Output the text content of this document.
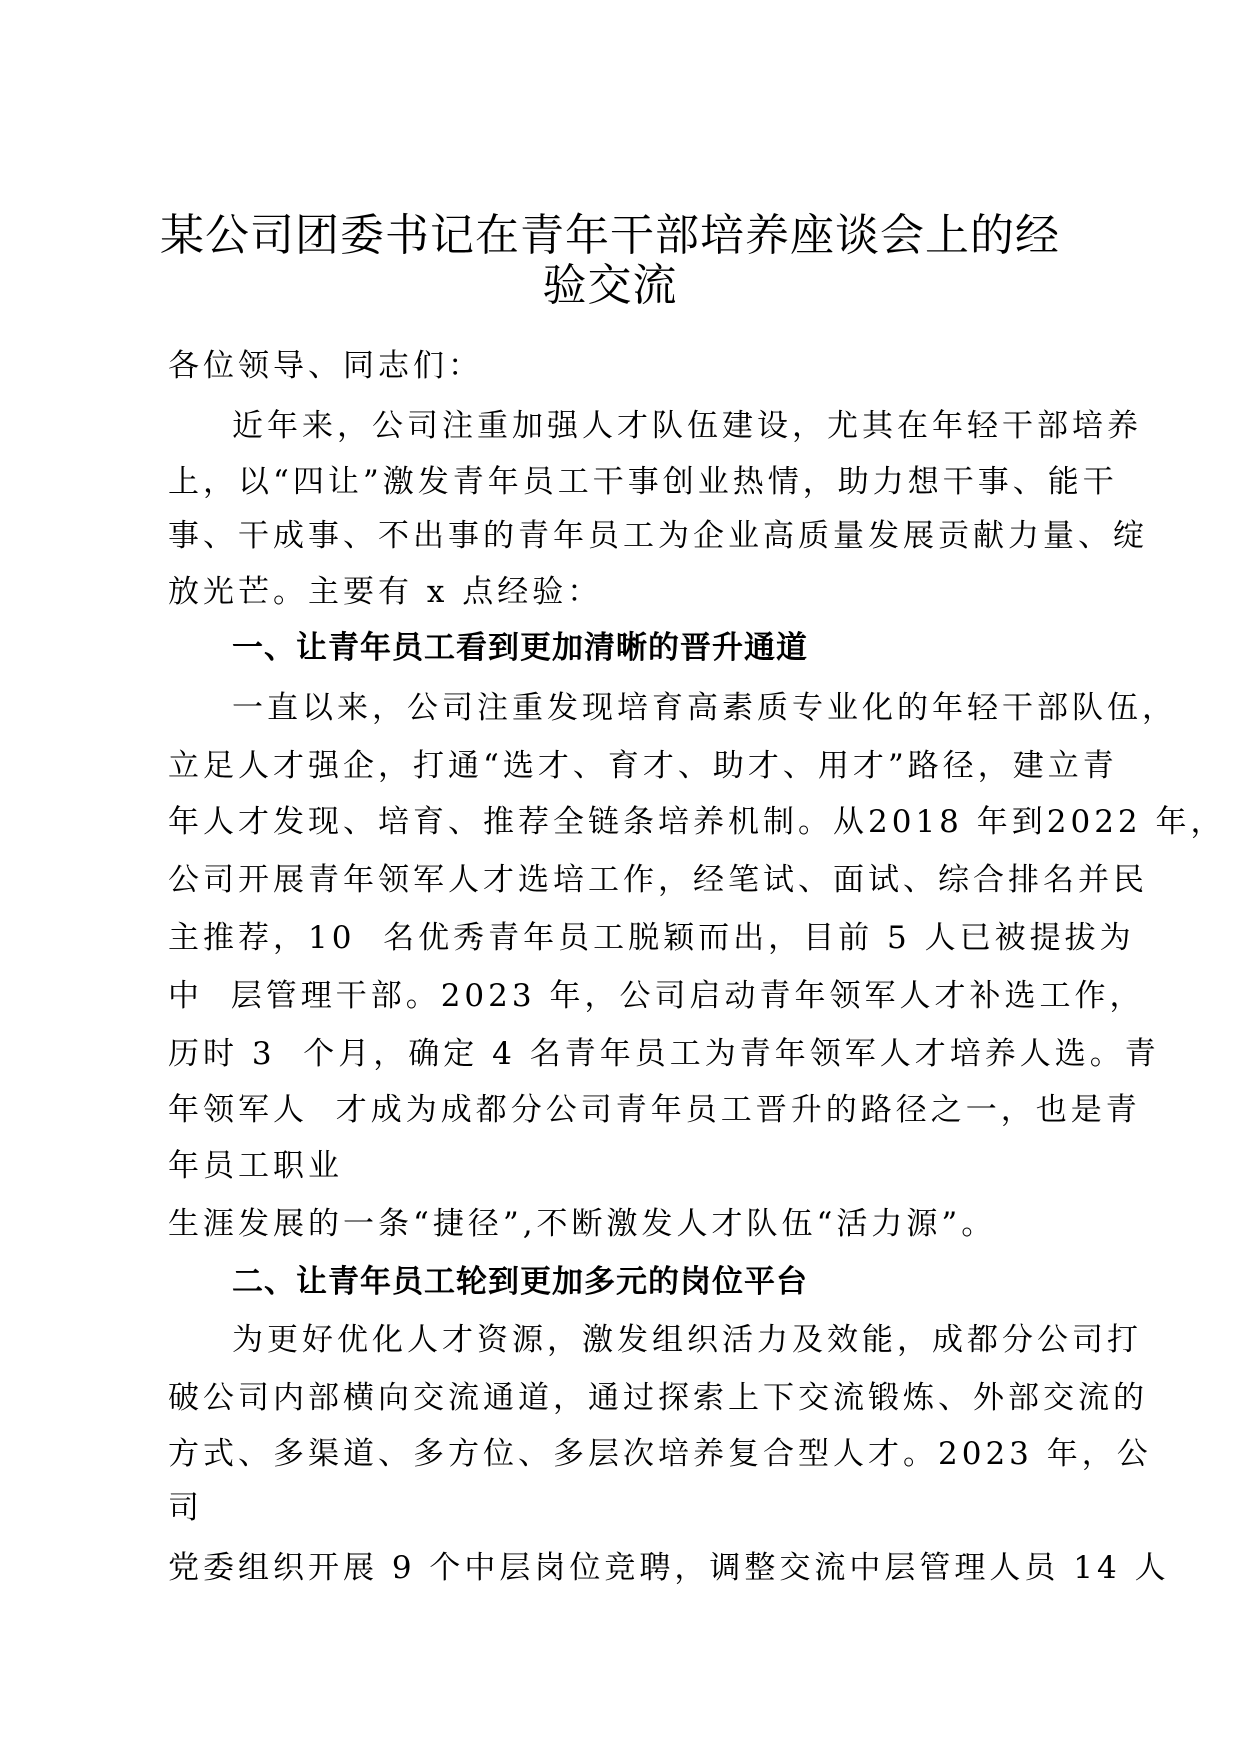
某公司团委书记在青年干部培养座谈会上的经
验交流
各位领导、同志们：
近年来，公司注重加强人才队伍建设，尤其在年轻干部培养
上，以“四让”激发青年员工干事创业热情，助力想干事、能干
事、干成事、不出事的青年员工为企业高质量发展贡献力量、绽
放光芒。主要有 x 点经验：
一、让青年员工看到更加清晰的晋升通道
一直以来，公司注重发现培育高素质专业化的年轻干部队伍，
立足人才强企，打通“选才、育才、助才、用才”路径，建立青
年人才发现、培育、推荐全链条培养机制。从2018 年到2022 年，
公司开展青年领军人才选培工作，经笔试、面试、综合排名并民
主推荐，10  名优秀青年员工脱颖而出，目前 5 人已被提拔为
中  层管理干部。2023 年，公司启动青年领军人才补选工作，
历时 3  个月，确定 4 名青年员工为青年领军人才培养人选。青
年领军人  才成为成都分公司青年员工晋升的路径之一，也是青
年员工职业
生涯发展的一条“捷径”,不断激发人才队伍“活力源”。
二、让青年员工轮到更加多元的岗位平台
为更好优化人才资源，激发组织活力及效能，成都分公司打
破公司内部横向交流通道，通过探索上下交流锻炼、外部交流的
方式、多渠道、多方位、多层次培养复合型人才。2023 年，公
司
党委组织开展 9 个中层岗位竞聘，调整交流中层管理人员 14 人
